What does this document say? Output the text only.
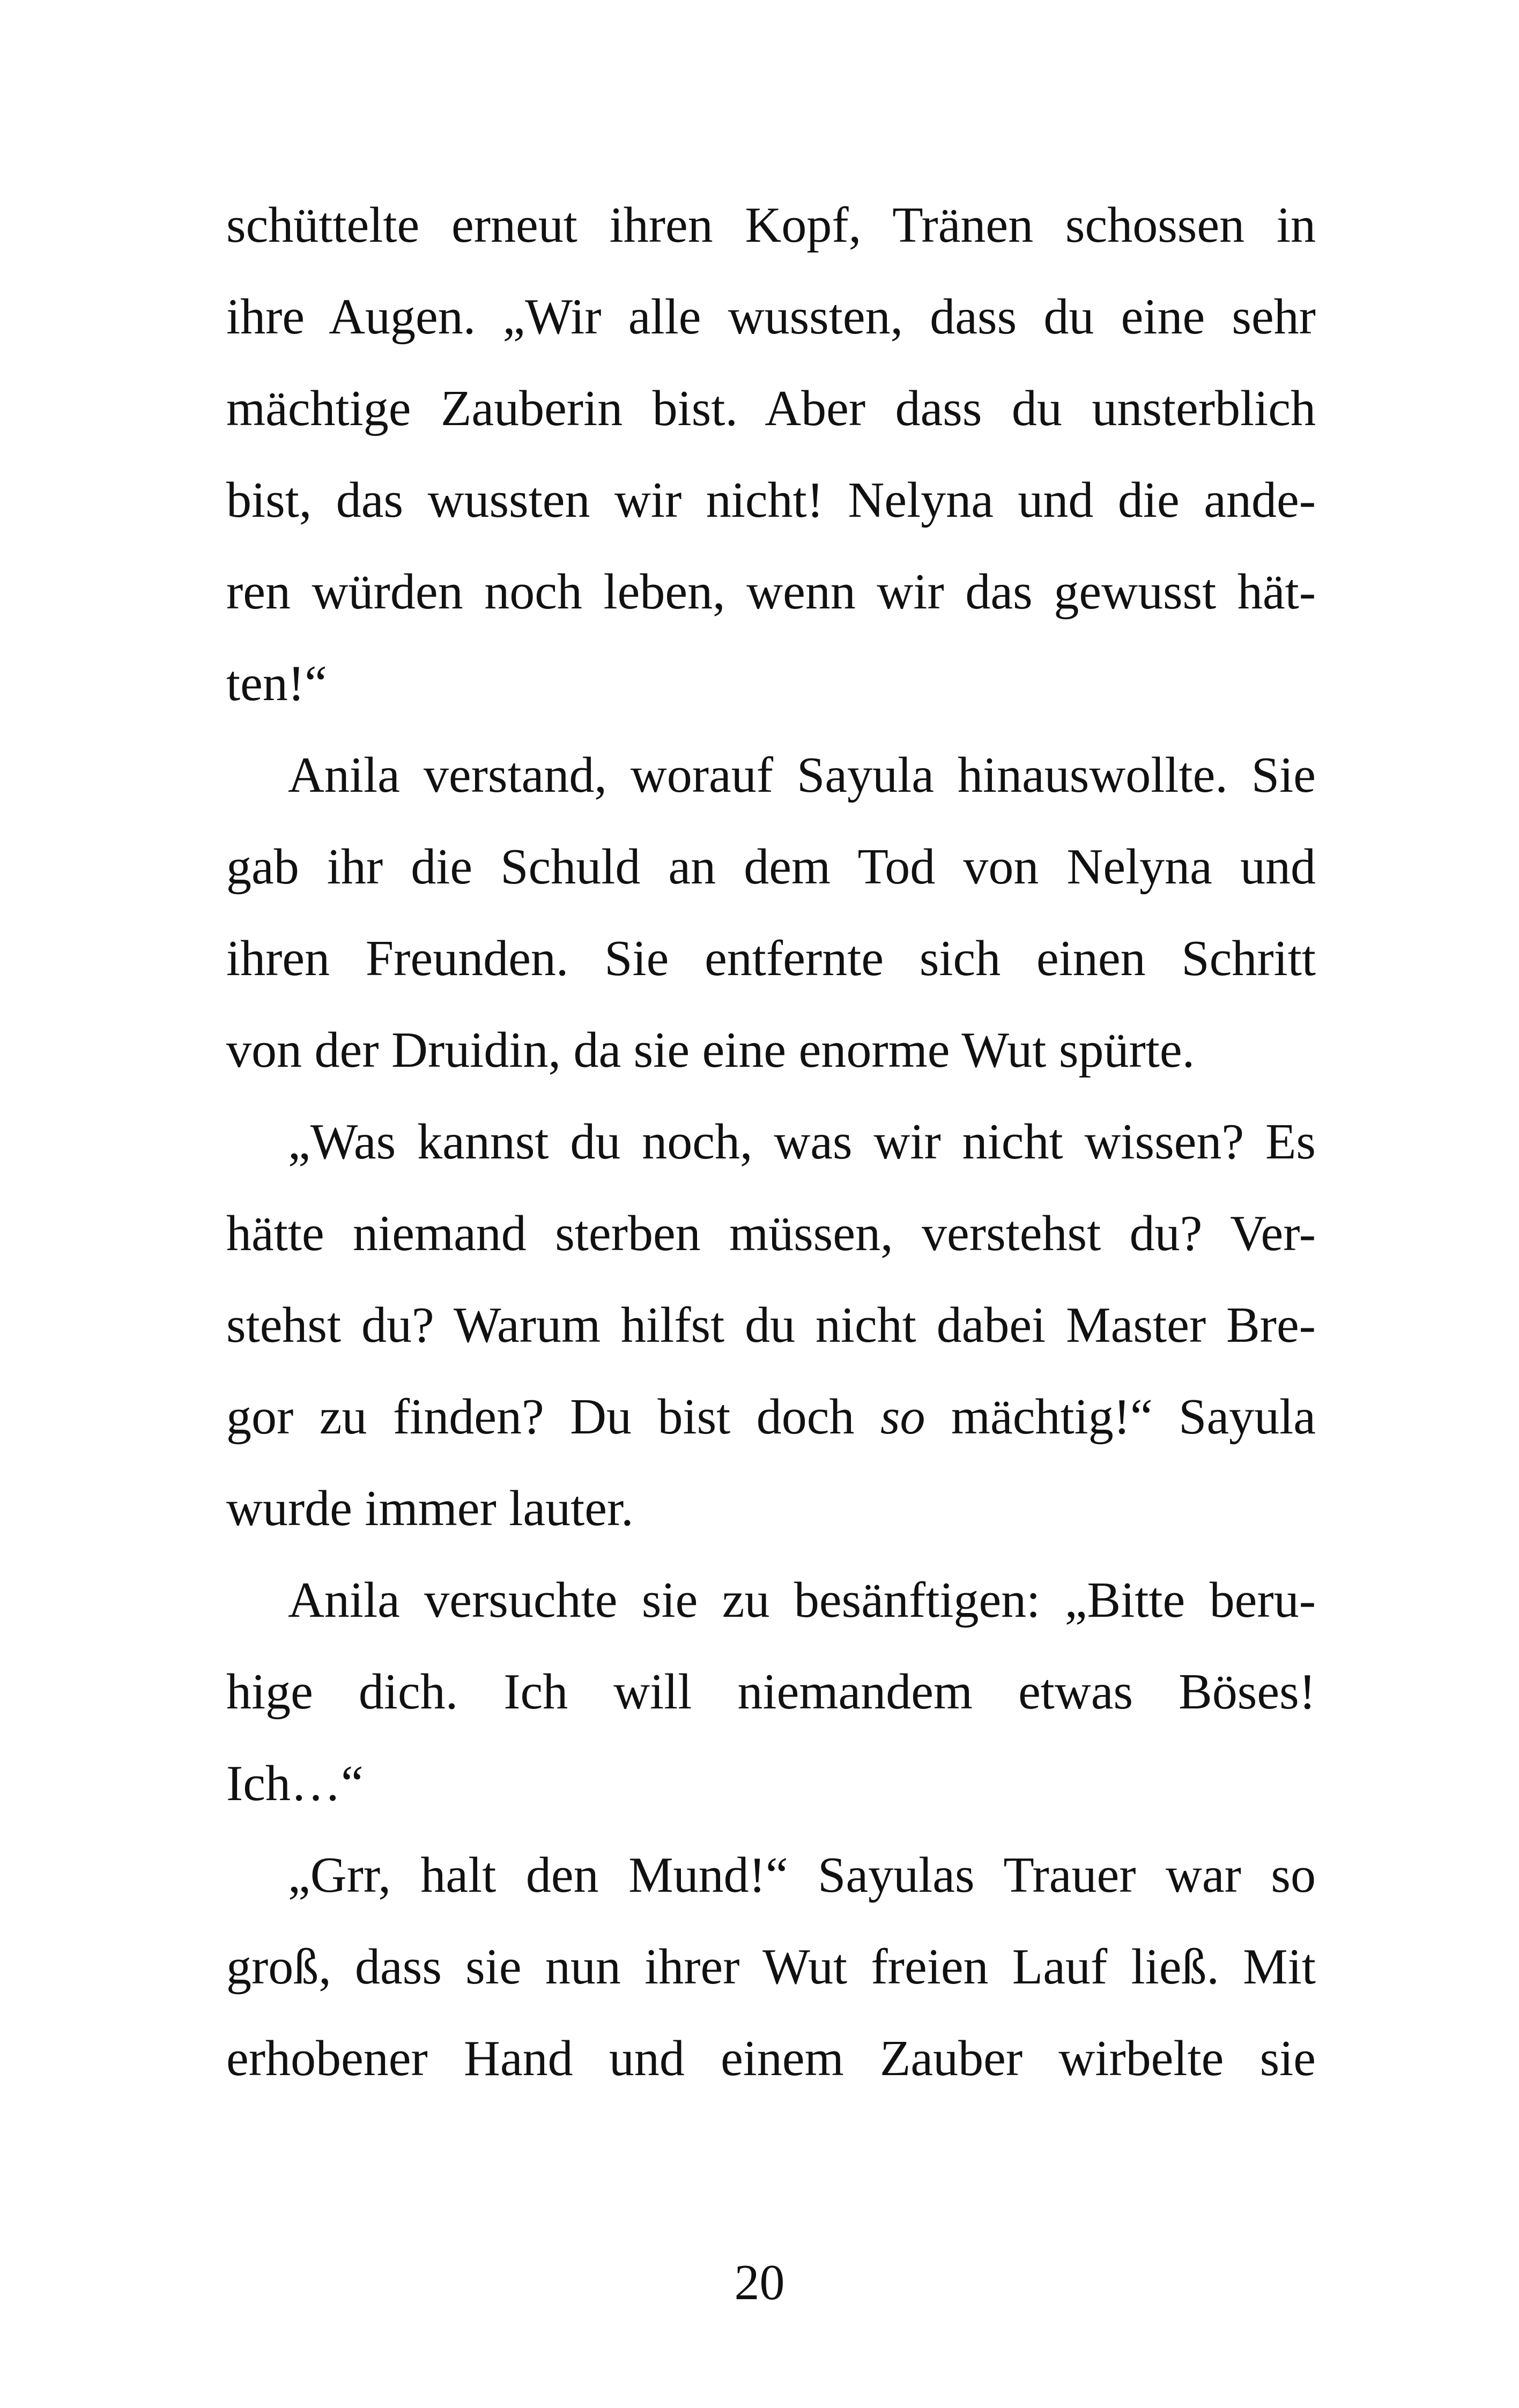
schüttelte erneut ihren Kopf, Tränen schossen in
ihre Augen. „Wir alle wussten, dass du eine sehr
mächtige Zauberin bist. Aber dass du unsterblich
bist, das wussten wir nicht! Nelyna und die ande-
ren würden noch leben, wenn wir das gewusst hät-
ten!“
Anila verstand, worauf Sayula hinauswollte. Sie
gab ihr die Schuld an dem Tod von Nelyna und
ihren Freunden. Sie entfernte sich einen Schritt
von der Druidin, da sie eine enorme Wut spürte.
„Was kannst du noch, was wir nicht wissen? Es
hätte niemand sterben müssen, verstehst du? Ver-
stehst du? Warum hilfst du nicht dabei Master Bre-
gor zu finden? Du bist doch so mächtig!“ Sayula
wurde immer lauter.
Anila versuchte sie zu besänftigen: „Bitte beru-
hige dich. Ich will niemandem etwas Böses!
Ich…“
„Grr, halt den Mund!“ Sayulas Trauer war so
groß, dass sie nun ihrer Wut freien Lauf ließ. Mit
erhobener Hand und einem Zauber wirbelte sie
20
